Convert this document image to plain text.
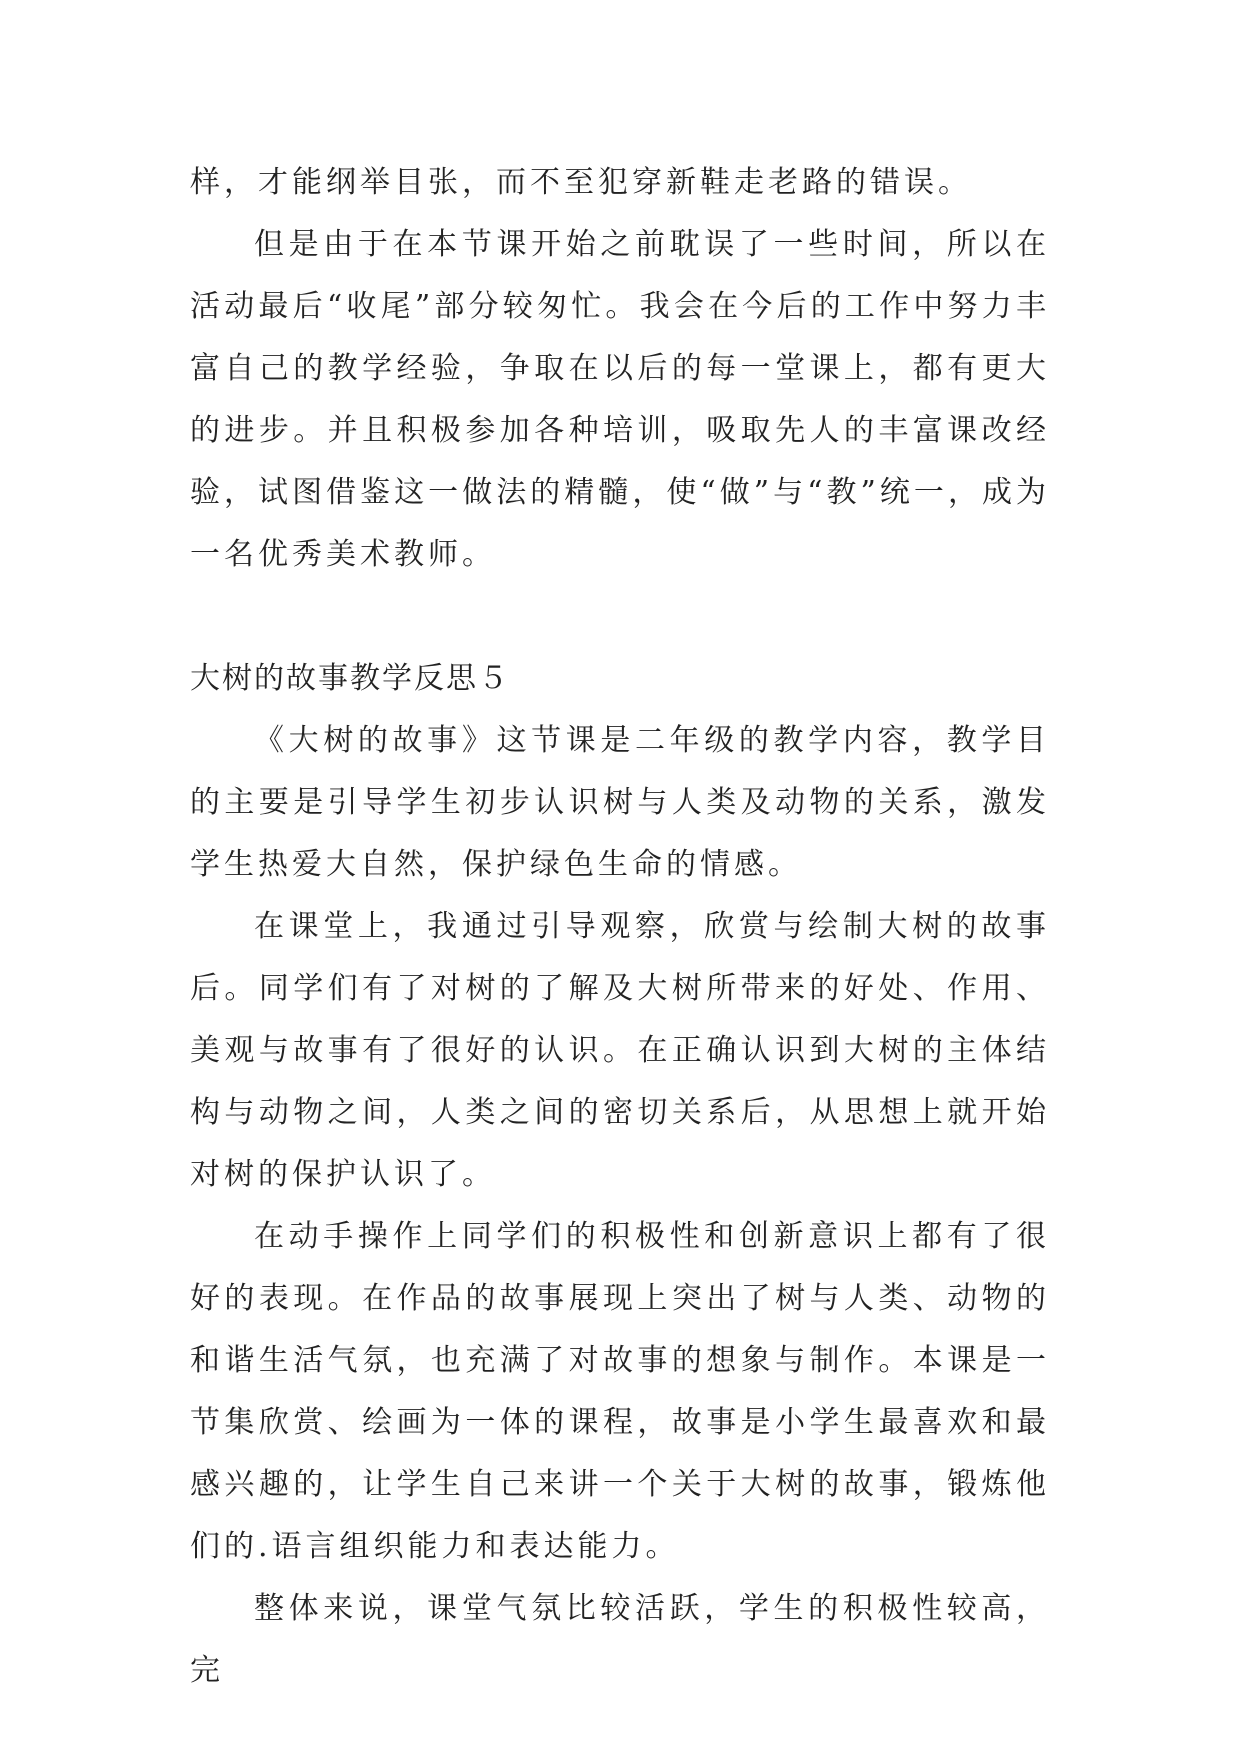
样，才能纲举目张，而不至犯穿新鞋走老路的错误。

但是由于在本节课开始之前耽误了一些时间，所以在活动最后“收尾”部分较匆忙。我会在今后的工作中努力丰富自己的教学经验，争取在以后的每一堂课上，都有更大的进步。并且积极参加各种培训，吸取先人的丰富课改经验，试图借鉴这一做法的精髓，使“做”与“教”统一，成为一名优秀美术教师。

大树的故事教学反思５

《大树的故事》这节课是二年级的教学内容，教学目的主要是引导学生初步认识树与人类及动物的关系，激发学生热爱大自然，保护绿色生命的情感。

在课堂上，我通过引导观察，欣赏与绘制大树的故事后。同学们有了对树的了解及大树所带来的好处、作用、美观与故事有了很好的认识。在正确认识到大树的主体结构与动物之间，人类之间的密切关系后，从思想上就开始对树的保护认识了。

在动手操作上同学们的积极性和创新意识上都有了很好的表现。在作品的故事展现上突出了树与人类、动物的和谐生活气氛，也充满了对故事的想象与制作。本课是一节集欣赏、绘画为一体的课程，故事是小学生最喜欢和最感兴趣的，让学生自己来讲一个关于大树的故事，锻炼他们的.语言组织能力和表达能力。

整体来说，课堂气氛比较活跃，学生的积极性较高，完
